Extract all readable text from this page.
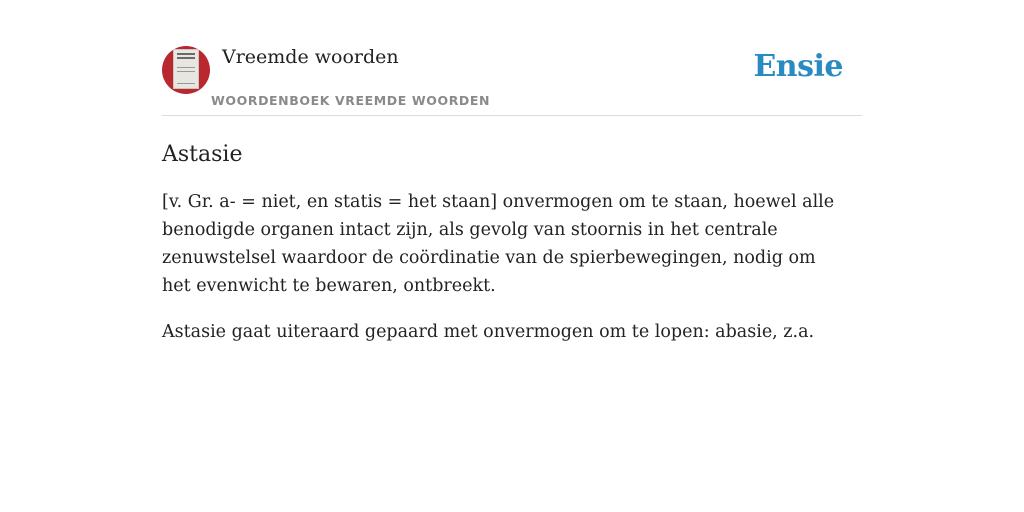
Vreemde woorden
WOORDENBOEK VREEMDE WOORDEN
Ensie
Astasie

[v. Gr. a- = niet, en statis = het staan] onvermogen om te staan, hoewel alle benodigde organen intact zijn, als gevolg van stoornis in het centrale zenuwstelsel waardoor de coördinatie van de spierbewegingen, nodig om het evenwicht te bewaren, ontbreekt.

Astasie gaat uiteraard gepaard met onvermogen om te lopen: abasie, z.a.
